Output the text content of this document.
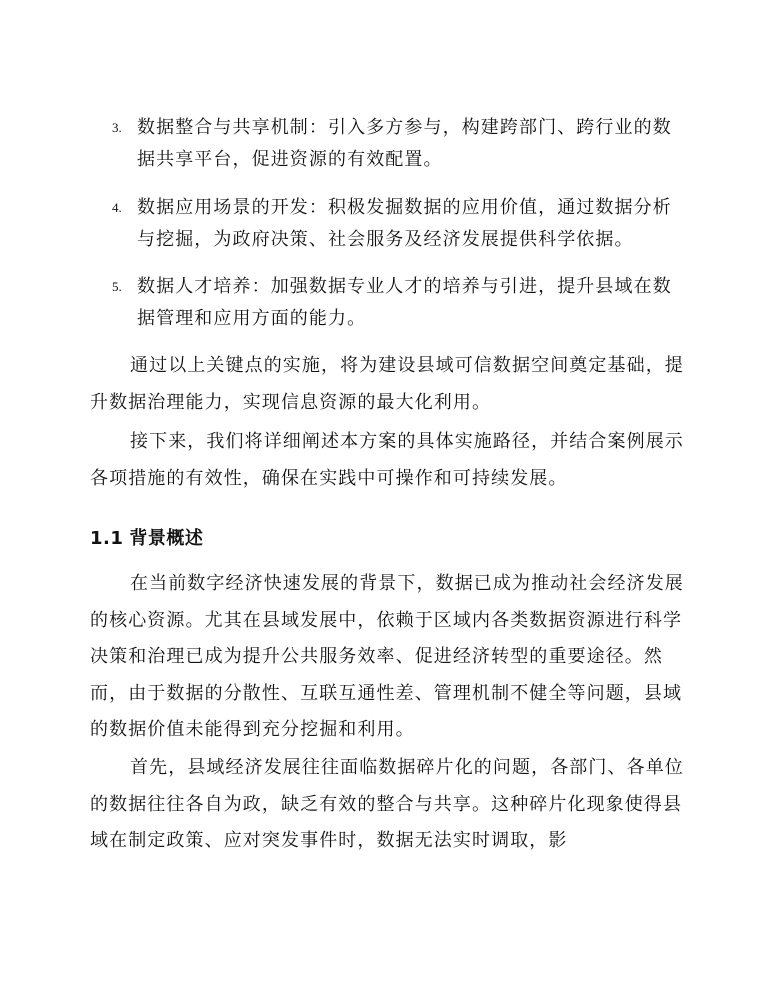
3. 数据整合与共享机制：引入多方参与，构建跨部门、跨行业的数据共享平台，促进资源的有效配置。
4. 数据应用场景的开发：积极发掘数据的应用价值，通过数据分析与挖掘，为政府决策、社会服务及经济发展提供科学依据。
5. 数据人才培养：加强数据专业人才的培养与引进，提升县域在数据管理和应用方面的能力。

通过以上关键点的实施，将为建设县域可信数据空间奠定基础，提升数据治理能力，实现信息资源的最大化利用。

接下来，我们将详细阐述本方案的具体实施路径，并结合案例展示各项措施的有效性，确保在实践中可操作和可持续发展。

1.1 背景概述

在当前数字经济快速发展的背景下，数据已成为推动社会经济发展的核心资源。尤其在县域发展中，依赖于区域内各类数据资源进行科学决策和治理已成为提升公共服务效率、促进经济转型的重要途径。然而，由于数据的分散性、互联互通性差、管理机制不健全等问题，县域的数据价值未能得到充分挖掘和利用。

首先，县域经济发展往往面临数据碎片化的问题，各部门、各单位的数据往往各自为政，缺乏有效的整合与共享。这种碎片化现象使得县域在制定政策、应对突发事件时，数据无法实时调取，影
